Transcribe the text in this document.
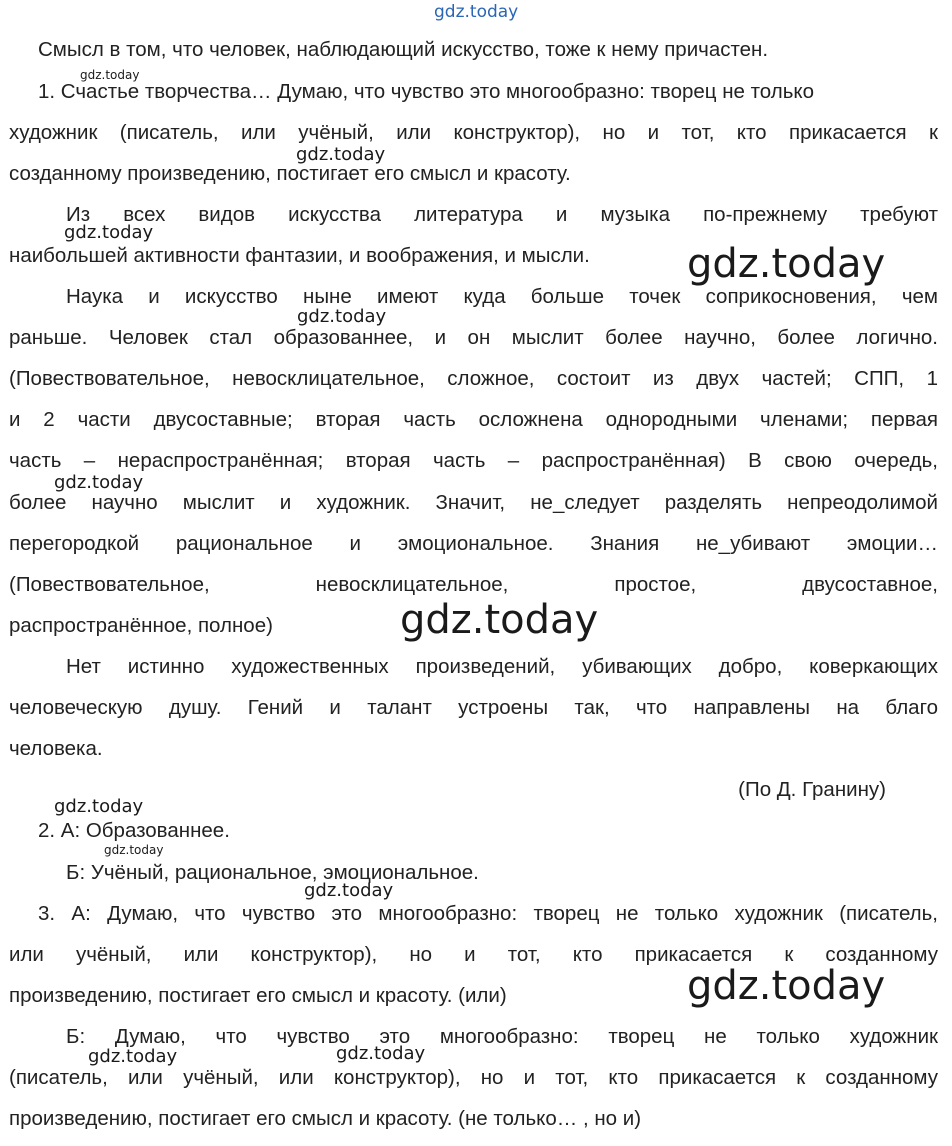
gdz.today
Смысл в том, что человек, наблюдающий искусство, тоже к нему причастен.
1. Счастье творчества… Думаю, что чувство это многообразно: творец не только
художник (писатель, или учёный, или конструктор), но и тот, кто прикасается к
созданному произведению, постигает его смысл и красоту.
Из всех видов искусства литература и музыка по-прежнему требуют
наибольшей активности фантазии, и воображения, и мысли.
Наука и искусство ныне имеют куда больше точек соприкосновения, чем
раньше. Человек стал образованнее, и он мыслит более научно, более логично.
(Повествовательное, невосклицательное, сложное, состоит из двух частей; СПП, 1
и 2 части двусоставные; вторая часть осложнена однородными членами; первая
часть – нераспространённая; вторая часть – распространённая) В свою очередь,
более научно мыслит и художник. Значит, не_следует разделять непреодолимой
перегородкой рациональное и эмоциональное. Знания не_убивают эмоции…
(Повествовательное, невосклицательное, простое, двусоставное,
распространённое, полное)
Нет истинно художественных произведений, убивающих добро, коверкающих
человеческую душу. Гений и талант устроены так, что направлены на благо
человека.
(По Д. Гранину)
2. А: Образованнее.
Б: Учёный, рациональное, эмоциональное.
3. А: Думаю, что чувство это многообразно: творец не только художник (писатель,
или учёный, или конструктор), но и тот, кто прикасается к созданному
произведению, постигает его смысл и красоту. (или)
Б: Думаю, что чувство это многообразно: творец не только художник
(писатель, или учёный, или конструктор), но и тот, кто прикасается к созданному
произведению, постигает его смысл и красоту. (не только… , но и)
gdz.today
gdz.today
gdz.today
gdz.today
gdz.today
gdz.today
gdz.today
gdz.today
gdz.today
gdz.today
gdz.today
gdz.today	gdz.today
